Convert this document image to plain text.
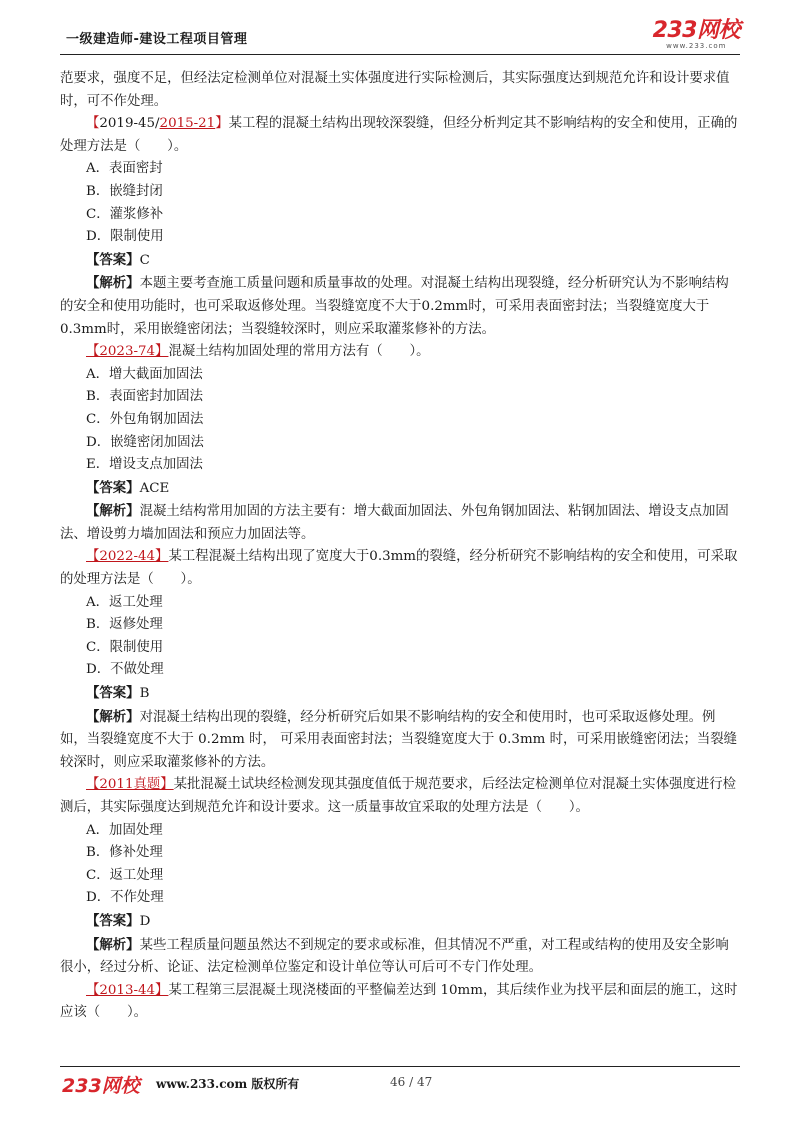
一级建造师-建设工程项目管理	233网校
www.233.com

范要求，强度不足，但经法定检测单位对混凝土实体强度进行实际检测后，其实际强度达到规范允许和设计要求值时，可不作处理。

【2019-45/2015-21】某工程的混凝土结构出现较深裂缝，但经分析判定其不影响结构的安全和使用，正确的处理方法是（　　）。

A．表面密封

B．嵌缝封闭

C．灌浆修补

D．限制使用

【答案】C

【解析】本题主要考查施工质量问题和质量事故的处理。对混凝土结构出现裂缝，经分析研究认为不影响结构的安全和使用功能时，也可采取返修处理。当裂缝宽度不大于0.2mm时，可采用表面密封法；当裂缝宽度大于0.3mm时，采用嵌缝密闭法；当裂缝较深时，则应采取灌浆修补的方法。

【2023-74】混凝土结构加固处理的常用方法有（　　）。

A．增大截面加固法

B．表面密封加固法

C．外包角钢加固法

D．嵌缝密闭加固法

E．增设支点加固法

【答案】ACE

【解析】混凝土结构常用加固的方法主要有：增大截面加固法、外包角钢加固法、粘钢加固法、增设支点加固法、增设剪力墙加固法和预应力加固法等。

【2022-44】某工程混凝土结构出现了宽度大于0.3mm的裂缝，经分析研究不影响结构的安全和使用，可采取的处理方法是（　　）。

A．返工处理

B．返修处理

C．限制使用

D．不做处理

【答案】B

【解析】对混凝土结构出现的裂缝，经分析研究后如果不影响结构的安全和使用时，也可采取返修处理。例如，当裂缝宽度不大于 0.2mm 时， 可采用表面密封法；当裂缝宽度大于 0.3mm 时，可采用嵌缝密闭法；当裂缝较深时，则应采取灌浆修补的方法。

【2011真题】某批混凝土试块经检测发现其强度值低于规范要求，后经法定检测单位对混凝土实体强度进行检测后，其实际强度达到规范允许和设计要求。这一质量事故宜采取的处理方法是（　　）。

A．加固处理

B．修补处理

C．返工处理

D．不作处理

【答案】D

【解析】某些工程质量问题虽然达不到规定的要求或标准，但其情况不严重，对工程或结构的使用及安全影响很小，经过分析、论证、法定检测单位鉴定和设计单位等认可后可不专门作处理。

【2013-44】某工程第三层混凝土现浇楼面的平整偏差达到 10mm，其后续作业为找平层和面层的施工，这时应该（　　）。

233网校 www.233.com 版权所有	46 / 47
